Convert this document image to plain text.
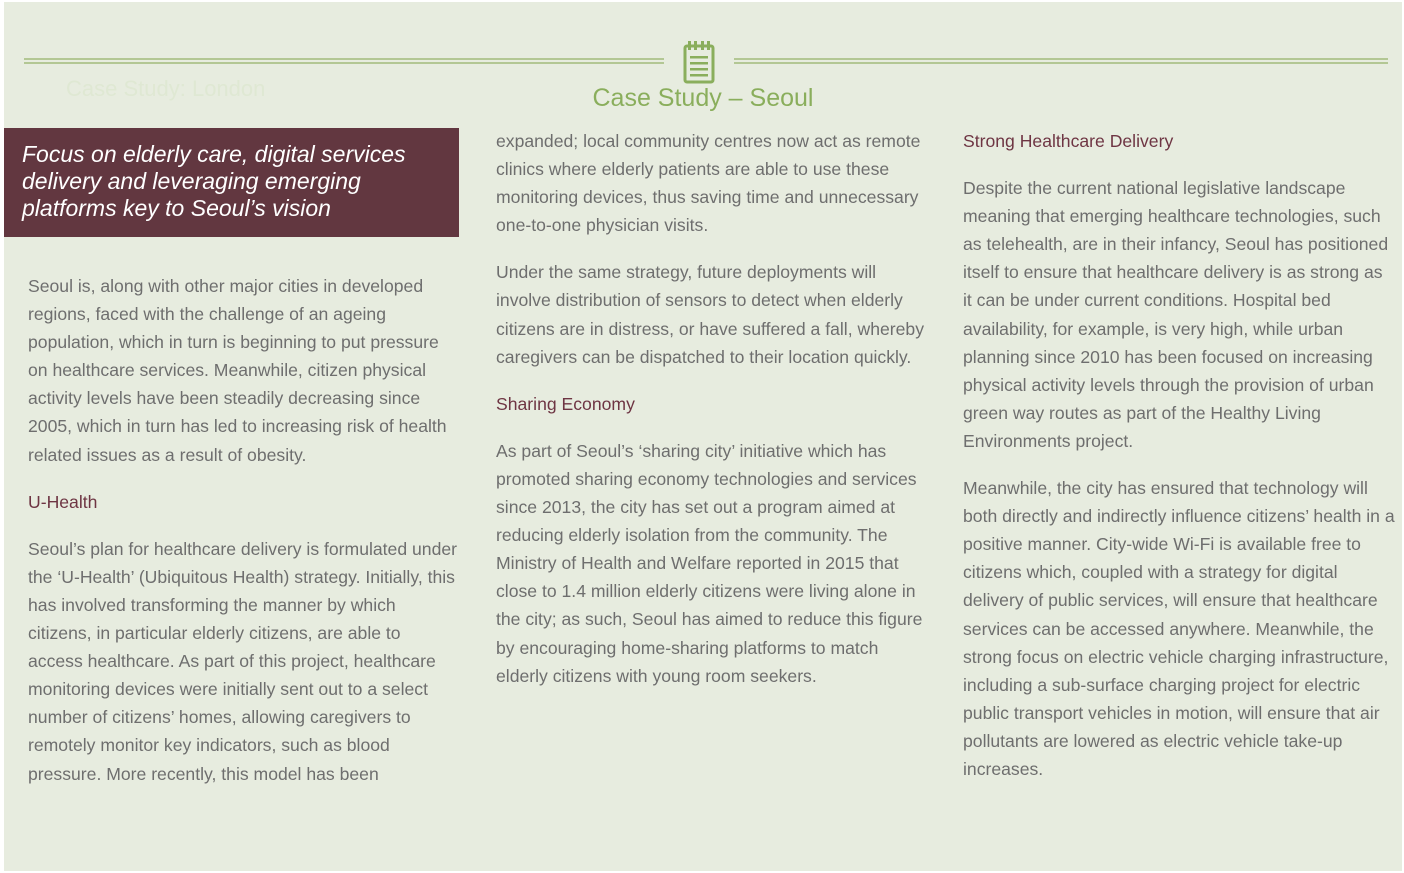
Case Study: London	Case Study – Seoul
Focus on elderly care, digital services delivery and leveraging emerging platforms key to Seoul’s vision

Seoul is, along with other major cities in developed regions, faced with the challenge of an ageing population, which in turn is beginning to put pressure on healthcare services. Meanwhile, citizen physical activity levels have been steadily decreasing since 2005, which in turn has led to increasing risk of health related issues as a result of obesity.

U-Health

Seoul’s plan for healthcare delivery is formulated under the ‘U-Health’ (Ubiquitous Health) strategy. Initially, this has involved transforming the manner by which citizens, in particular elderly citizens, are able to access healthcare. As part of this project, healthcare monitoring devices were initially sent out to a select number of citizens’ homes, allowing caregivers to remotely monitor key indicators, such as blood pressure. More recently, this model has been

expanded; local community centres now act as remote clinics where elderly patients are able to use these monitoring devices, thus saving time and unnecessary one-to-one physician visits.

Under the same strategy, future deployments will involve distribution of sensors to detect when elderly citizens are in distress, or have suffered a fall, whereby caregivers can be dispatched to their location quickly.

Sharing Economy

As part of Seoul’s ‘sharing city’ initiative which has promoted sharing economy technologies and services since 2013, the city has set out a program aimed at reducing elderly isolation from the community. The Ministry of Health and Welfare reported in 2015 that close to 1.4 million elderly citizens were living alone in the city; as such, Seoul has aimed to reduce this figure by encouraging home-sharing platforms to match elderly citizens with young room seekers.

Strong Healthcare Delivery

Despite the current national legislative landscape meaning that emerging healthcare technologies, such as telehealth, are in their infancy, Seoul has positioned itself to ensure that healthcare delivery is as strong as it can be under current conditions. Hospital bed availability, for example, is very high, while urban planning since 2010 has been focused on increasing physical activity levels through the provision of urban green way routes as part of the Healthy Living Environments project.

Meanwhile, the city has ensured that technology will both directly and indirectly influence citizens’ health in a positive manner. City-wide Wi-Fi is available free to citizens which, coupled with a strategy for digital delivery of public services, will ensure that healthcare services can be accessed anywhere. Meanwhile, the strong focus on electric vehicle charging infrastructure, including a sub-surface charging project for electric public transport vehicles in motion, will ensure that air pollutants are lowered as electric vehicle take-up increases.
